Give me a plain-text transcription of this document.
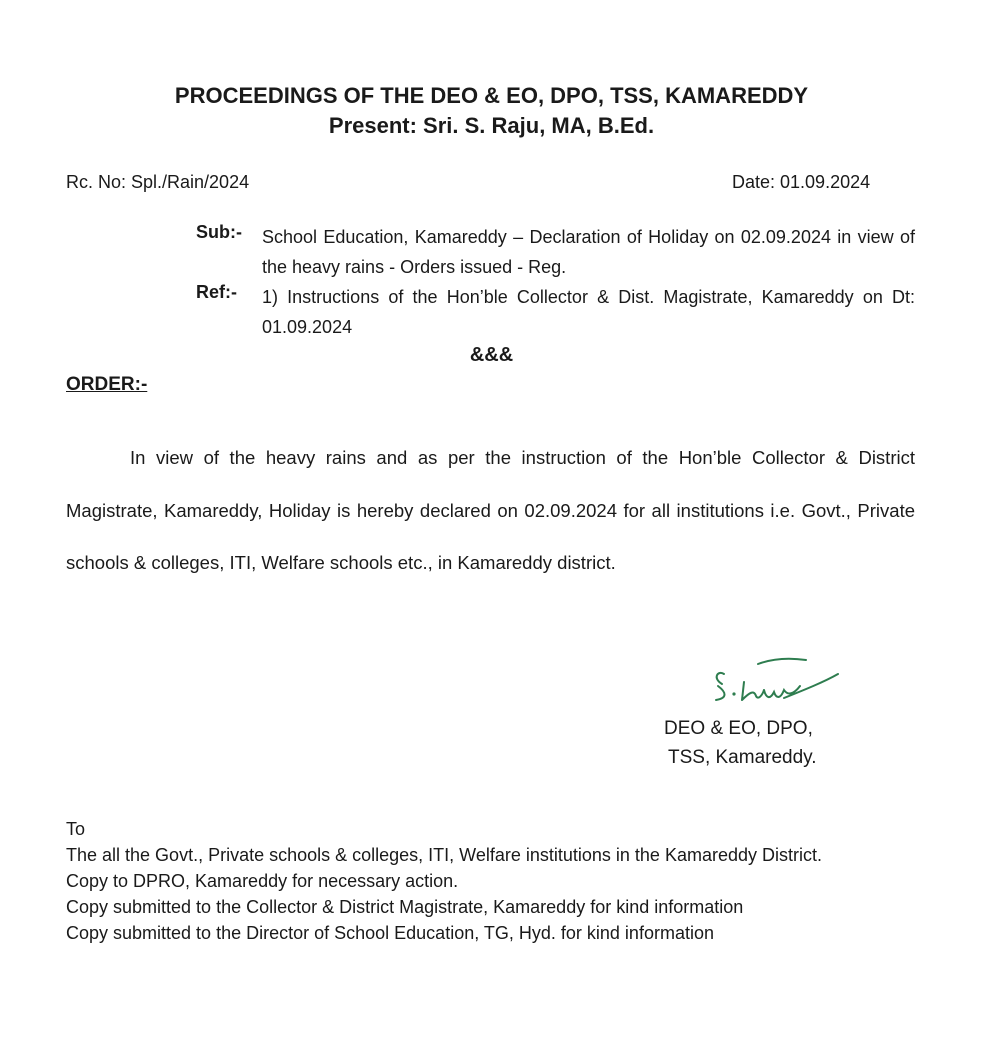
PROCEEDINGS OF THE DEO & EO, DPO, TSS, KAMAREDDY
Present: Sri. S. Raju, MA, B.Ed.
Rc. No: Spl./Rain/2024	Date: 01.09.2024
Sub:- School Education, Kamareddy – Declaration of Holiday on 02.09.2024 in view of the heavy rains - Orders issued - Reg.
Ref:- 1) Instructions of the Hon’ble Collector & Dist. Magistrate, Kamareddy on Dt: 01.09.2024
&&&
ORDER:-
In view of the heavy rains and as per the instruction of the Hon’ble Collector & District Magistrate, Kamareddy, Holiday is hereby declared on 02.09.2024 for all institutions i.e. Govt., Private schools & colleges, ITI, Welfare schools etc., in Kamareddy district.
DEO & EO, DPO,
TSS, Kamareddy.
To
The all the Govt., Private schools & colleges, ITI, Welfare institutions in the Kamareddy District.
Copy to DPRO, Kamareddy for necessary action.
Copy submitted to the Collector & District Magistrate, Kamareddy for kind information
Copy submitted to the Director of School Education, TG, Hyd. for kind information
